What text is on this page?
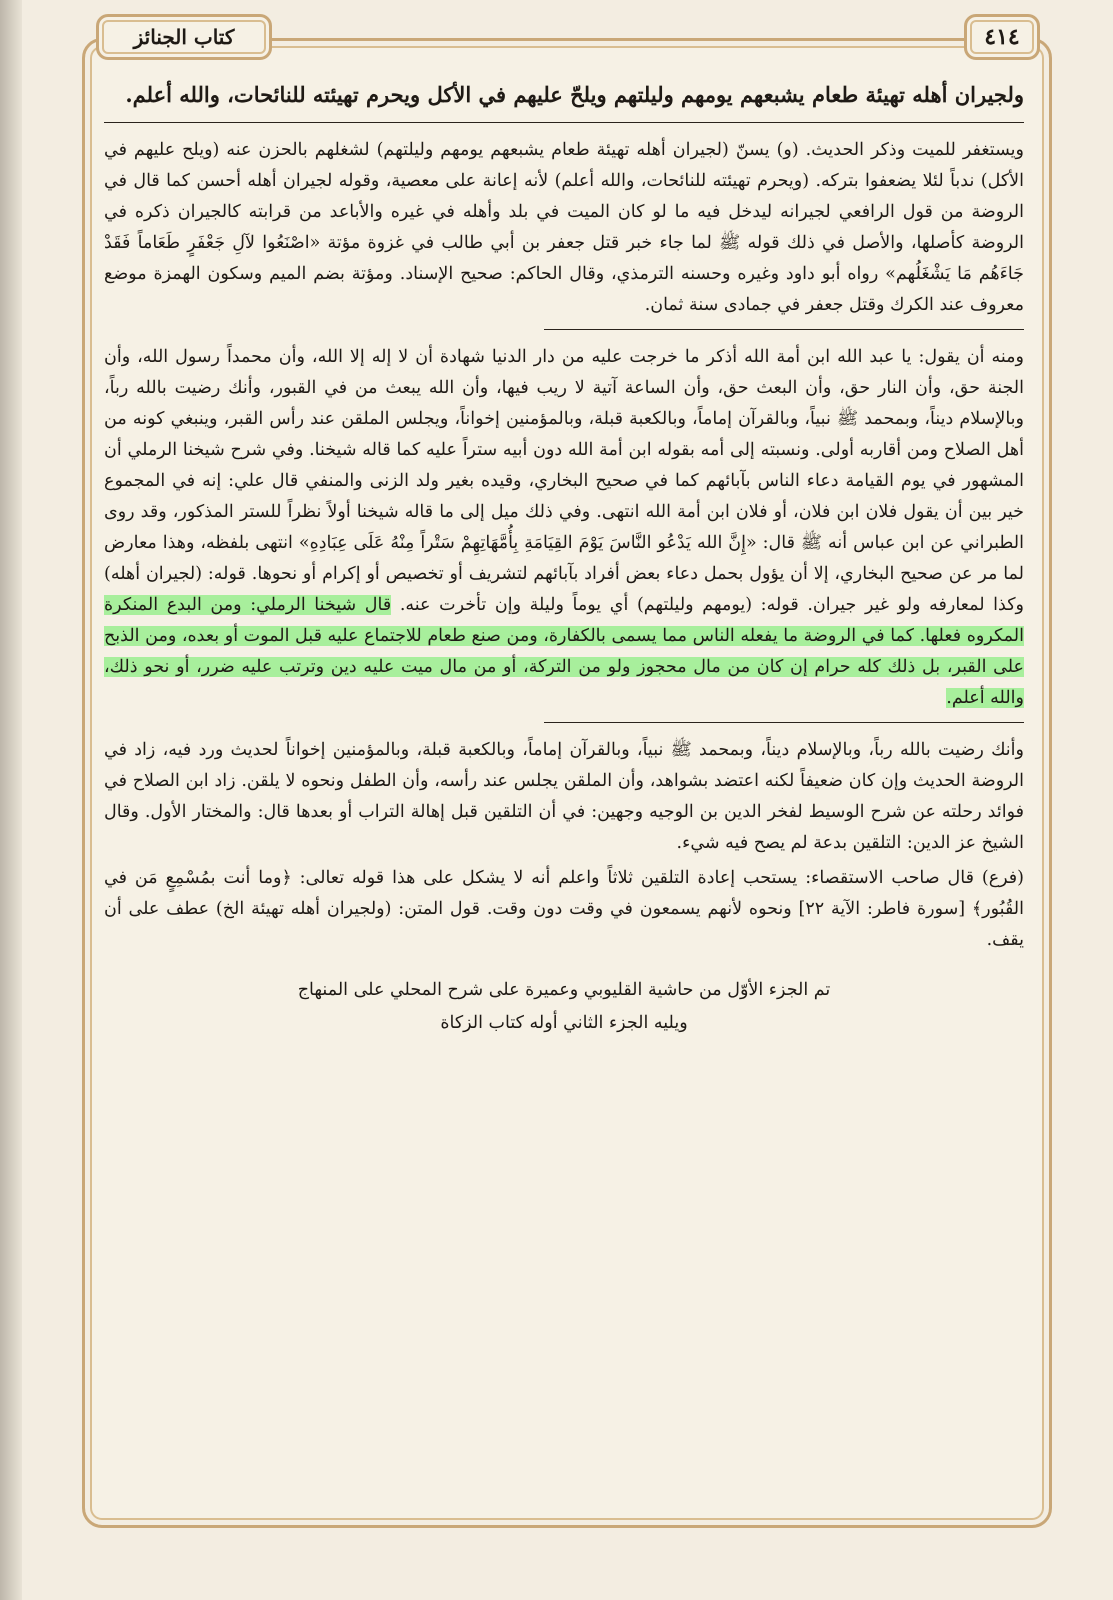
كتاب الجنائز	٤١٤

ولجيران أهله تهيئة طعام يشبعهم يومهم وليلتهم ويلحّ عليهم في الأكل ويحرم تهيئته للنائحات، والله أعلم.

ويستغفر للميت وذكر الحديث. (و) يسنّ (لجيران أهله تهيئة طعام يشبعهم يومهم وليلتهم) لشغلهم بالحزن عنه (ويلح عليهم في الأكل) ندباً لئلا يضعفوا بتركه. (ويحرم تهيئته للنائحات، والله أعلم) لأنه إعانة على معصية، وقوله لجيران أهله أحسن كما قال في الروضة من قول الرافعي لجيرانه ليدخل فيه ما لو كان الميت في بلد وأهله في غيره والأباعد من قرابته كالجيران ذكره في الروضة كأصلها، والأصل في ذلك قوله ﷺ لما جاء خبر قتل جعفر بن أبي طالب في غزوة مؤتة «اصْنَعُوا لآلِ جَعْفَرٍ طَعَاماً فَقَدْ جَاءَهُم مَا يَشْغَلُهم» رواه أبو داود وغيره وحسنه الترمذي، وقال الحاكم: صحيح الإسناد. ومؤتة بضم الميم وسكون الهمزة موضع معروف عند الكرك وقتل جعفر في جمادى سنة ثمان.

ومنه أن يقول: يا عبد الله ابن أمة الله أذكر ما خرجت عليه من دار الدنيا شهادة أن لا إله إلا الله، وأن محمداً رسول الله، وأن الجنة حق، وأن النار حق، وأن البعث حق، وأن الساعة آتية لا ريب فيها، وأن الله يبعث من في القبور، وأنك رضيت بالله رباً، وبالإسلام ديناً، وبمحمد ﷺ نبياً، وبالقرآن إماماً، وبالكعبة قبلة، وبالمؤمنين إخواناً، ويجلس الملقن عند رأس القبر، وينبغي كونه من أهل الصلاح ومن أقاربه أولى. ونسبته إلى أمه بقوله ابن أمة الله دون أبيه ستراً عليه كما قاله شيخنا. وفي شرح شيخنا الرملي أن المشهور في يوم القيامة دعاء الناس بآبائهم كما في صحيح البخاري، وقيده بغير ولد الزنى والمنفي قال علي: إنه في المجموع خير بين أن يقول فلان ابن فلان، أو فلان ابن أمة الله انتهى. وفي ذلك ميل إلى ما قاله شيخنا أولاً نظراً للستر المذكور، وقد روى الطبراني عن ابن عباس أنه ﷺ قال: «إِنَّ الله يَدْعُو النَّاسَ يَوْمَ القِيَامَةِ بِأُمَّهَاتِهِمْ سَتْراً مِنْهُ عَلَى عِبَادِهِ» انتهى بلفظه، وهذا معارض لما مر عن صحيح البخاري، إلا أن يؤول بحمل دعاء بعض أفراد بآبائهم لتشريف أو تخصيص أو إكرام أو نحوها. قوله: (لجيران أهله) وكذا لمعارفه ولو غير جيران. قوله: (يومهم وليلتهم) أي يوماً وليلة وإن تأخرت عنه. قال شيخنا الرملي: ومن البدع المنكرة المكروه فعلها. كما في الروضة ما يفعله الناس مما يسمى بالكفارة، ومن صنع طعام للاجتماع عليه قبل الموت أو بعده، ومن الذبح على القبر، بل ذلك كله حرام إن كان من مال محجوز ولو من التركة، أو من مال ميت عليه دين وترتب عليه ضرر، أو نحو ذلك، والله أعلم.

وأنك رضيت بالله رباً، وبالإسلام ديناً، وبمحمد ﷺ نبياً، وبالقرآن إماماً، وبالكعبة قبلة، وبالمؤمنين إخواناً لحديث ورد فيه، زاد في الروضة الحديث وإن كان ضعيفاً لكنه اعتضد بشواهد، وأن الملقن يجلس عند رأسه، وأن الطفل ونحوه لا يلقن. زاد ابن الصلاح في فوائد رحلته عن شرح الوسيط لفخر الدين بن الوجيه وجهين: في أن التلقين قبل إهالة التراب أو بعدها قال: والمختار الأول. وقال الشيخ عز الدين: التلقين بدعة لم يصح فيه شيء.

(فرع) قال صاحب الاستقصاء: يستحب إعادة التلقين ثلاثاً واعلم أنه لا يشكل على هذا قوله تعالى: ﴿وما أنت بمُسْمِعٍ مَن في القُبُور﴾ [سورة فاطر: الآية ٢٢] ونحوه لأنهم يسمعون في وقت دون وقت. قول المتن: (ولجيران أهله تهيئة الخ) عطف على أن يقف.

تم الجزء الأوّل من حاشية القليوبي وعميرة على شرح المحلي على المنهاج
ويليه الجزء الثاني أوله كتاب الزكاة
